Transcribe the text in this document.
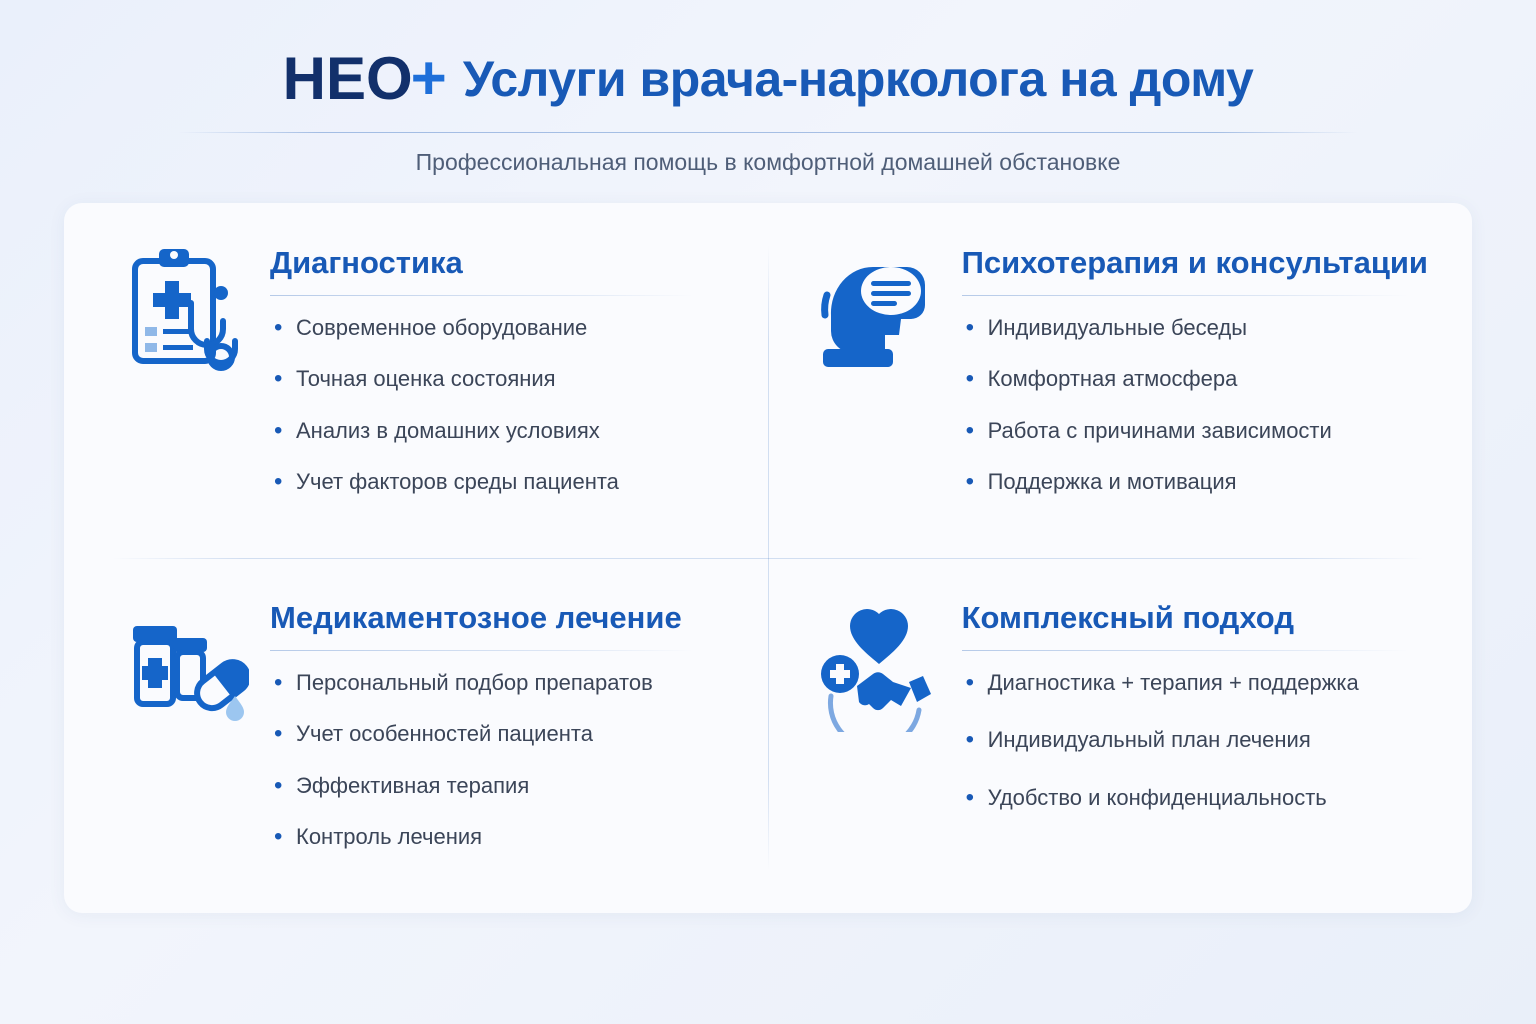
H E O + Услуги врача-нарколога на дому
Профессиональная помощь в комфортной домашней обстановке
Диагностика
• Современное оборудование
• Точная оценка состояния
• Анализ в домашних условиях
• Учет факторов среды пациента
Психотерапия и консультации
• Индивидуальные беседы
• Комфортная атмосфера
• Работа с причинами зависимости
• Поддержка и мотивация
Медикаментозное лечение
• Персональный подбор препаратов
• Учет особенностей пациента
• Эффективная терапия
• Контроль лечения
Комплексный подход
• Диагностика + терапия + поддержка
• Индивидуальный план лечения
• Удобство и конфиденциальность
